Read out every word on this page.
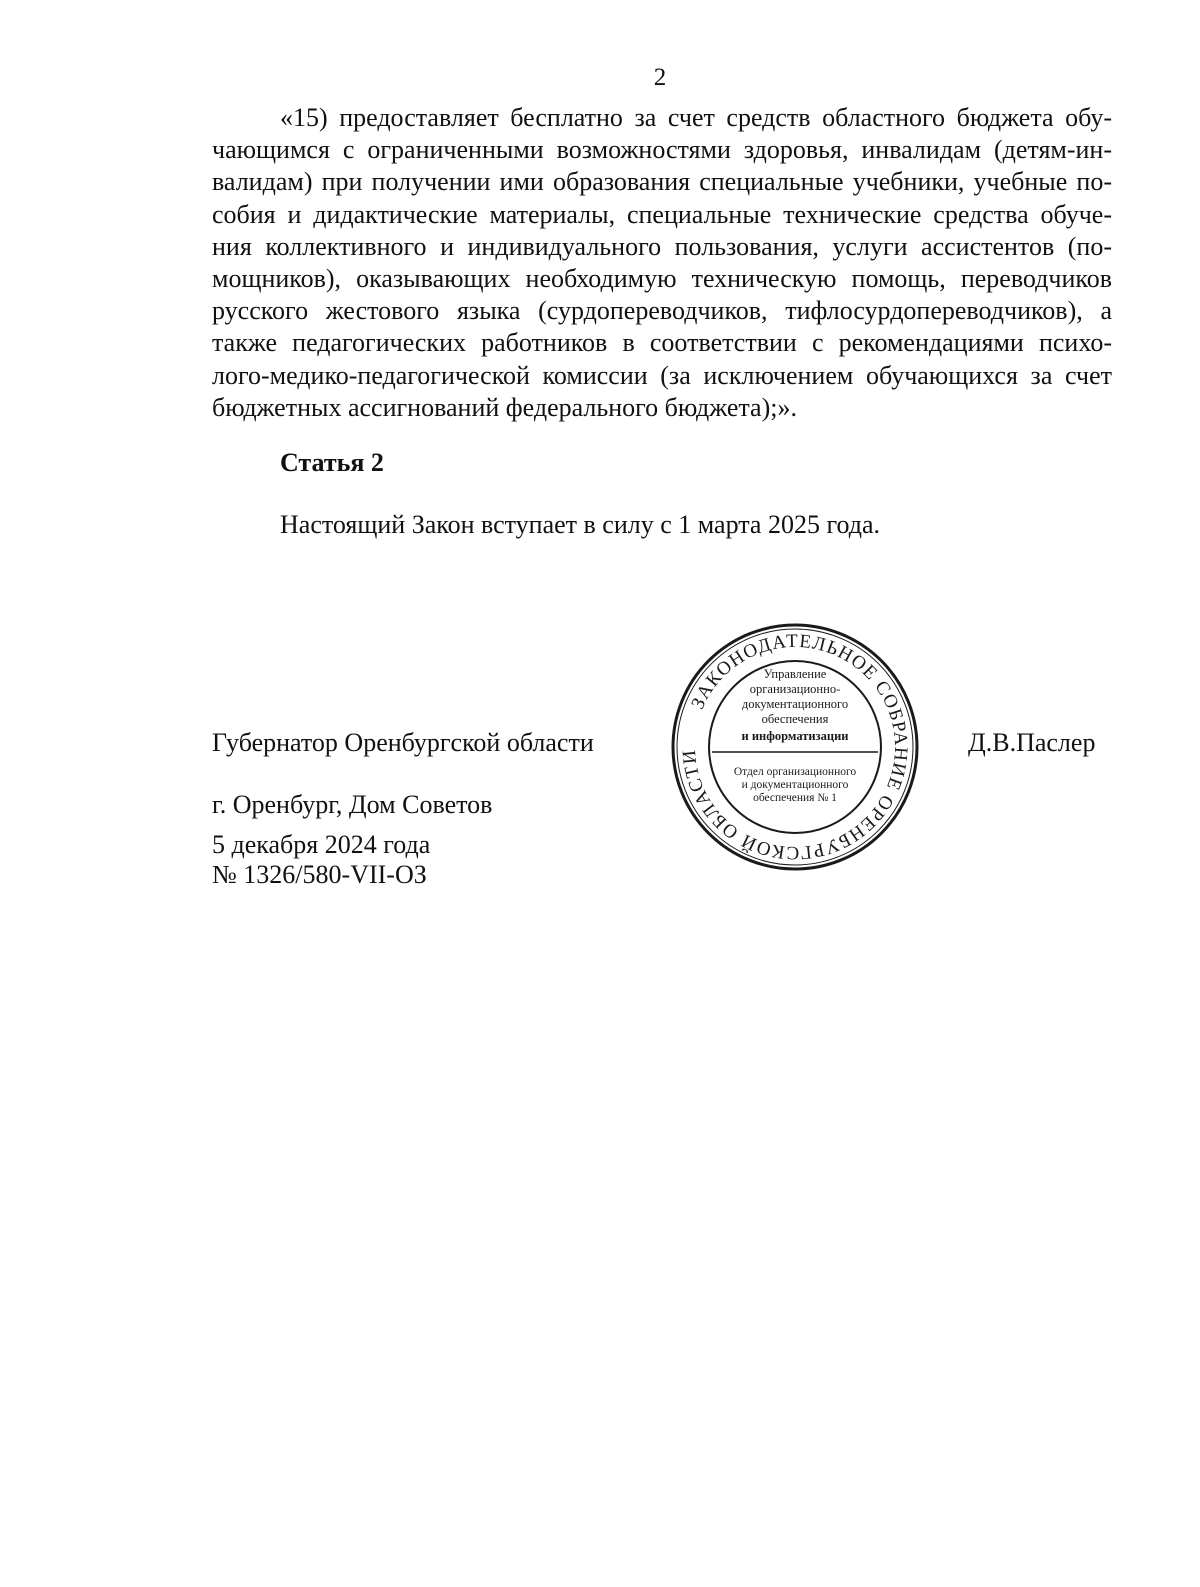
2
«15) предоставляет бесплатно за счет средств областного бюджета обу-
чающимся с ограниченными возможностями здоровья, инвалидам (детям-ин-
валидам) при получении ими образования специальные учебники, учебные по-
собия и дидактические материалы, специальные технические средства обуче-
ния коллективного и индивидуального пользования, услуги ассистентов (по-
мощников), оказывающих необходимую техническую помощь, переводчиков
русского жестового языка (сурдопереводчиков, тифлосурдопереводчиков), а
также педагогических работников в соответствии с рекомендациями психо-
лого-медико-педагогической комиссии (за исключением обучающихся за счет
бюджетных ассигнований федерального бюджета);».
Статья 2

Настоящий Закон вступает в силу с 1 марта 2025 года.

Губернатор Оренбургской области	Д.В.Паслер
г. Оренбург, Дом Советов
5 декабря 2024 года
№ 1326/580-VII-ОЗ
ЗАКОНОДАТЕЛЬНОЕ СОБРАНИЕ ОРЕНБУРГСКОЙ ОБЛАСТИ
Управление
организационно-
документационного
обеспечения
и информатизации
Отдел организационного
и документационного
обеспечения № 1
